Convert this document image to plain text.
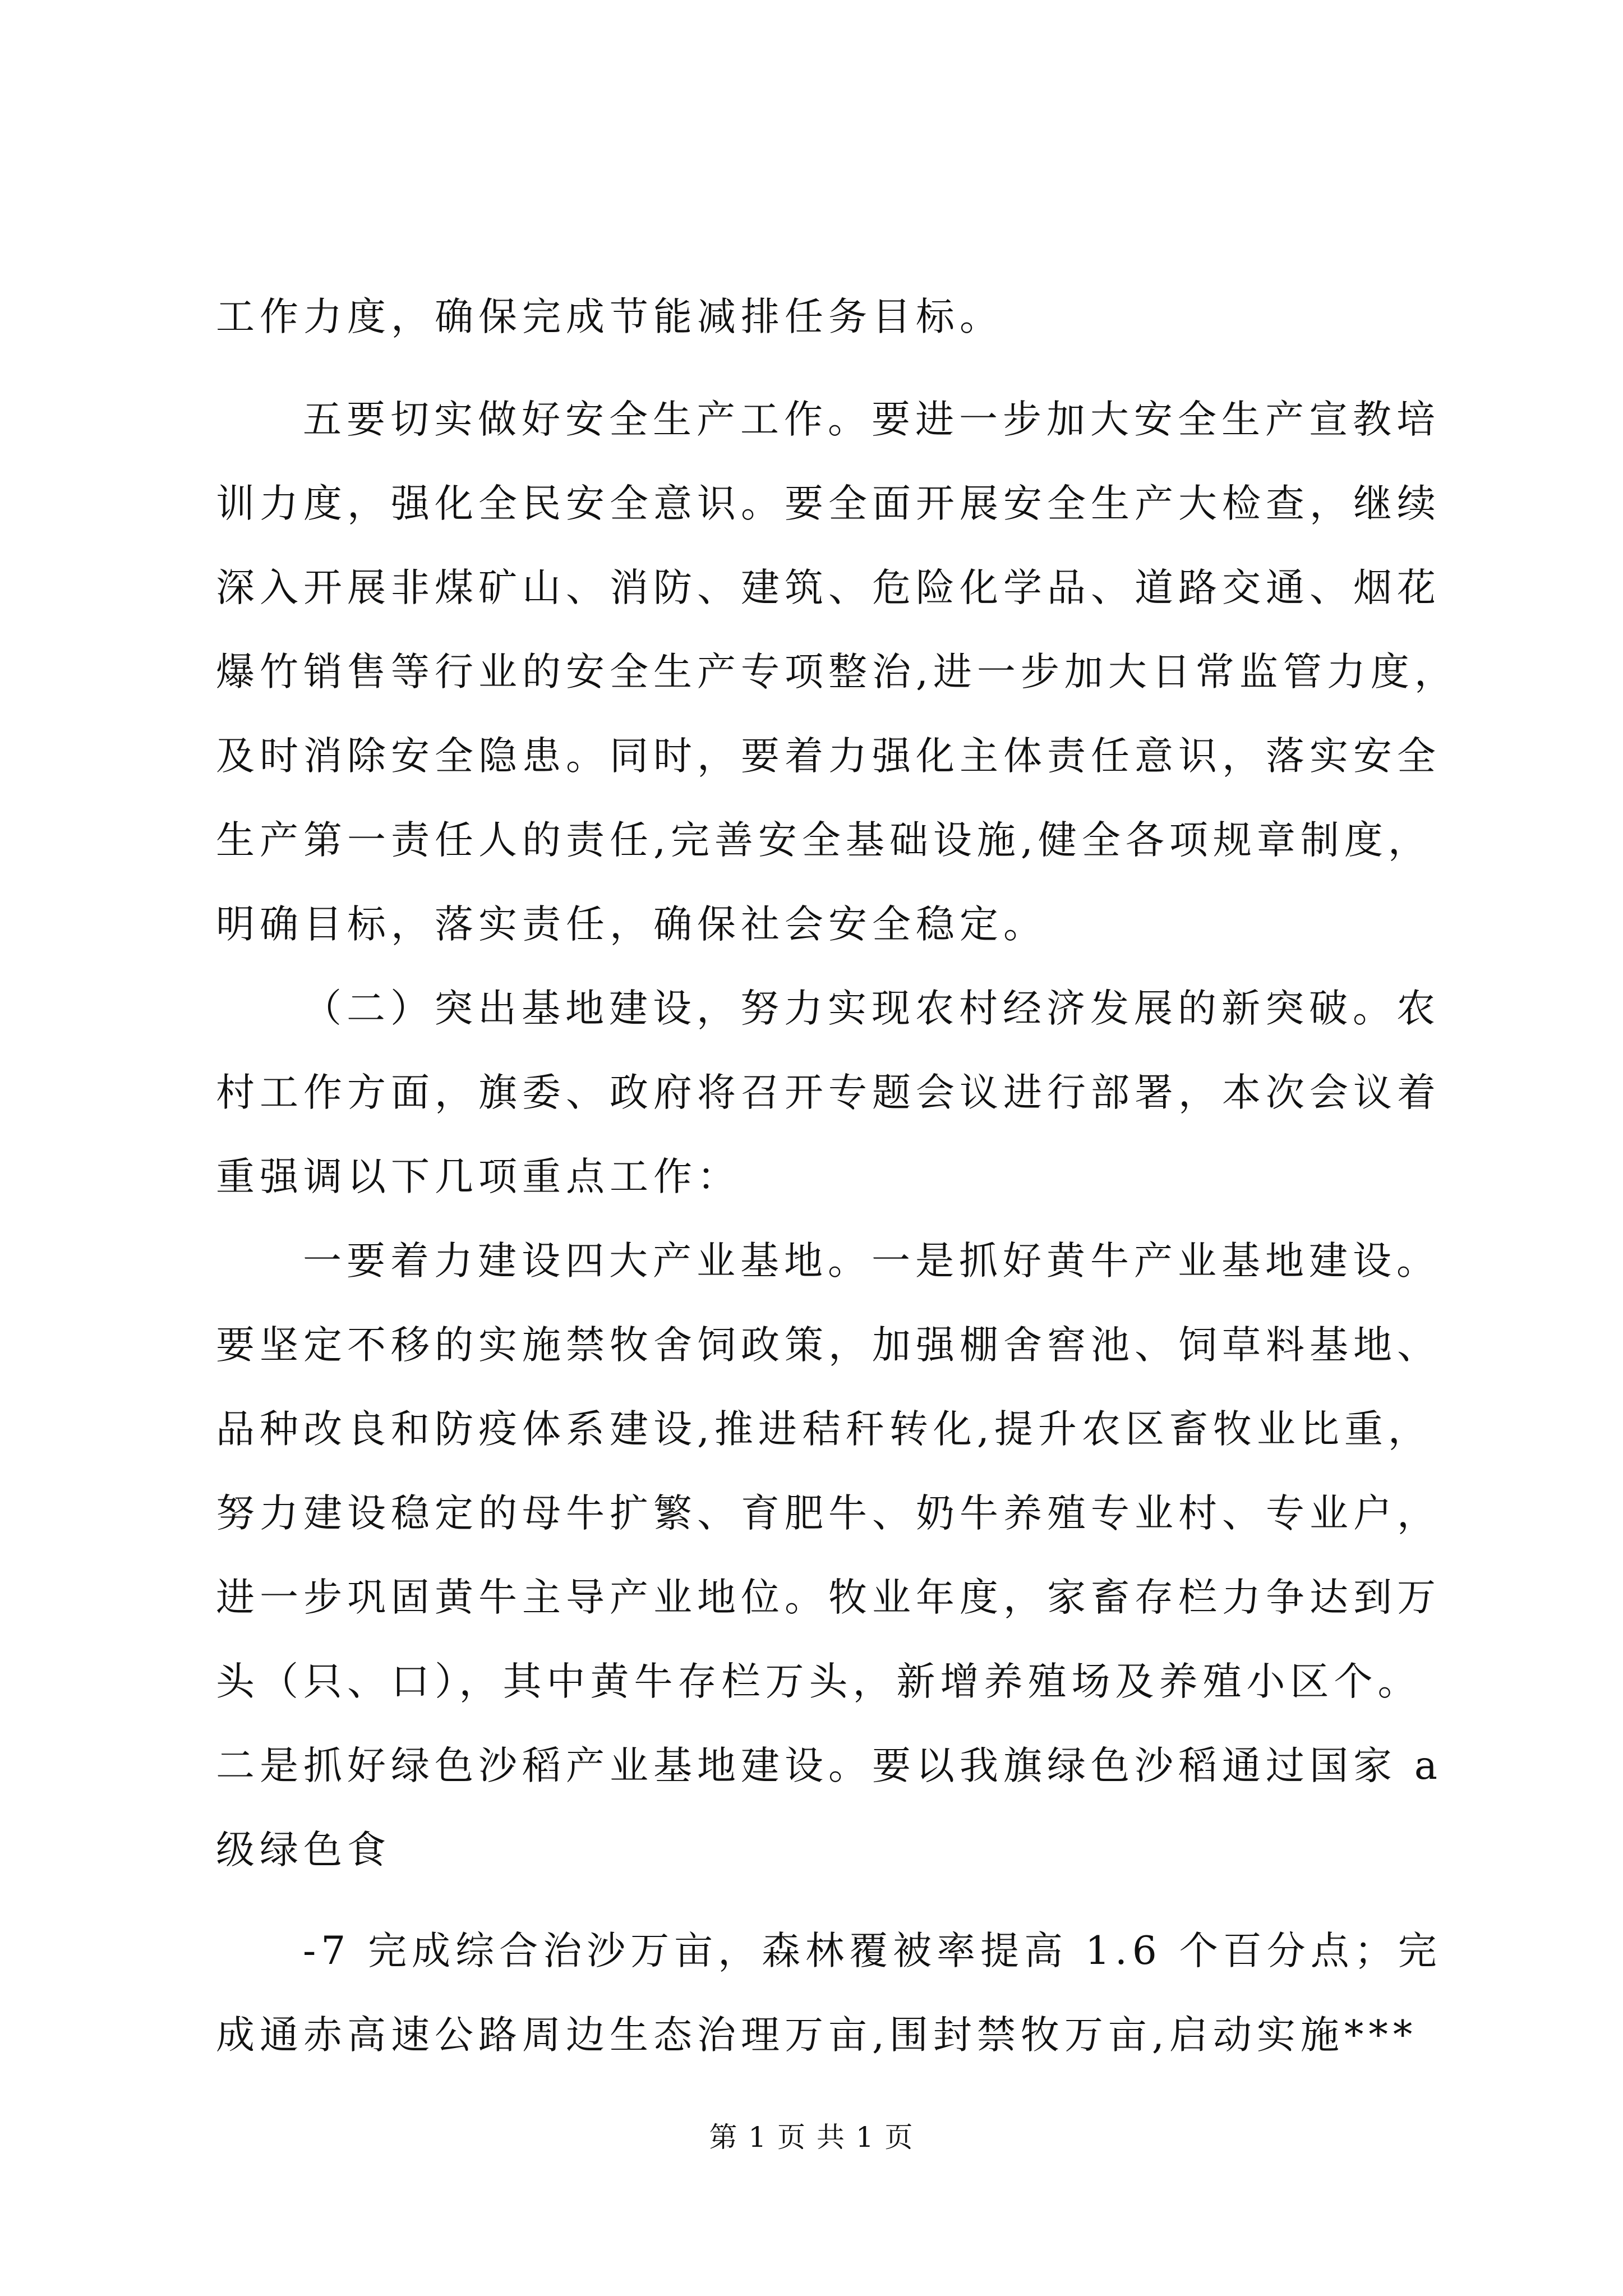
工作力度，确保完成节能减排任务目标。

五要切实做好安全生产工作。要进一步加大安全生产宣教培

训力度，强化全民安全意识。要全面开展安全生产大检查，继续

深入开展非煤矿山、消防、建筑、危险化学品、道路交通、烟花

爆竹销售等行业的安全生产专项整治,进一步加大日常监管力度，

及时消除安全隐患。同时，要着力强化主体责任意识，落实安全

生产第一责任人的责任,完善安全基础设施,健全各项规章制度，

明确目标，落实责任，确保社会安全稳定。

（二）突出基地建设，努力实现农村经济发展的新突破。农

村工作方面，旗委、政府将召开专题会议进行部署，本次会议着

重强调以下几项重点工作：

一要着力建设四大产业基地。一是抓好黄牛产业基地建设。

要坚定不移的实施禁牧舍饲政策，加强棚舍窖池、饲草料基地、

品种改良和防疫体系建设,推进秸秆转化,提升农区畜牧业比重，

努力建设稳定的母牛扩繁、育肥牛、奶牛养殖专业村、专业户，

进一步巩固黄牛主导产业地位。牧业年度，家畜存栏力争达到万

头（只、口），其中黄牛存栏万头，新增养殖场及养殖小区个。

二是抓好绿色沙稻产业基地建设。要以我旗绿色沙稻通过国家 a

级绿色食

-7 完成综合治沙万亩，森林覆被率提高 1.6 个百分点；完

成通赤高速公路周边生态治理万亩,围封禁牧万亩,启动实施***

第 1 页 共 1 页
